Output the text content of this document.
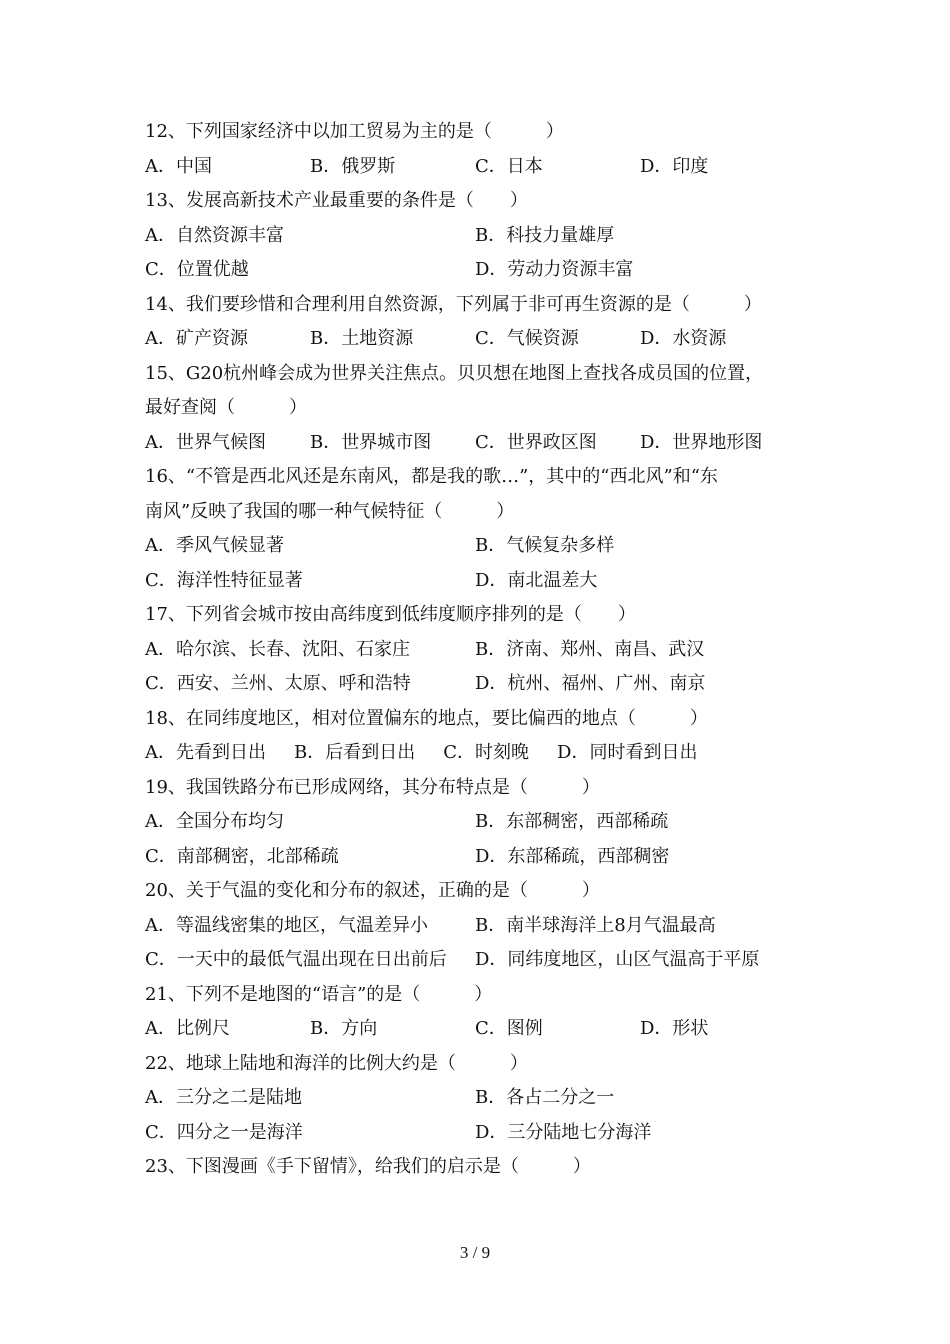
12、下列国家经济中以加工贸易为主的是（　　　）
A．中国	B．俄罗斯	C．日本	D．印度
13、发展高新技术产业最重要的条件是（　　）
A．自然资源丰富	B．科技力量雄厚
C．位置优越	D．劳动力资源丰富
14、我们要珍惜和合理利用自然资源，下列属于非可再生资源的是（　　　）
A．矿产资源	B．土地资源	C．气候资源	D．水资源
15、G20杭州峰会成为世界关注焦点。贝贝想在地图上查找各成员国的位置，
最好查阅（　　　）
A．世界气候图	B．世界城市图	C．世界政区图	D．世界地形图
16、“不管是西北风还是东南风，都是我的歌…”，其中的“西北风”和“东
南风”反映了我国的哪一种气候特征（　　　）
A．季风气候显著	B．气候复杂多样
C．海洋性特征显著	D．南北温差大
17、下列省会城市按由高纬度到低纬度顺序排列的是（　　）
A．哈尔滨、长春、沈阳、石家庄	B．济南、郑州、南昌、武汉
C．西安、兰州、太原、呼和浩特	D．杭州、福州、广州、南京
18、在同纬度地区，相对位置偏东的地点，要比偏西的地点（　　　）
A．先看到日出 B．后看到日出 C．时刻晚 D．同时看到日出
19、我国铁路分布已形成网络，其分布特点是（　　　）
A．全国分布均匀	B．东部稠密，西部稀疏
C．南部稠密，北部稀疏	D．东部稀疏，西部稠密
20、关于气温的变化和分布的叙述，正确的是（　　　）
A．等温线密集的地区，气温差异小	B．南半球海洋上8月气温最高
C．一天中的最低气温出现在日出前后	D．同纬度地区，山区气温高于平原
21、下列不是地图的“语言”的是（　　　）
A．比例尺	B．方向	C．图例	D．形状
22、地球上陆地和海洋的比例大约是（　　　）
A．三分之二是陆地	B．各占二分之一
C．四分之一是海洋	D．三分陆地七分海洋
23、下图漫画《手下留情》，给我们的启示是（　　　）
3 / 9
